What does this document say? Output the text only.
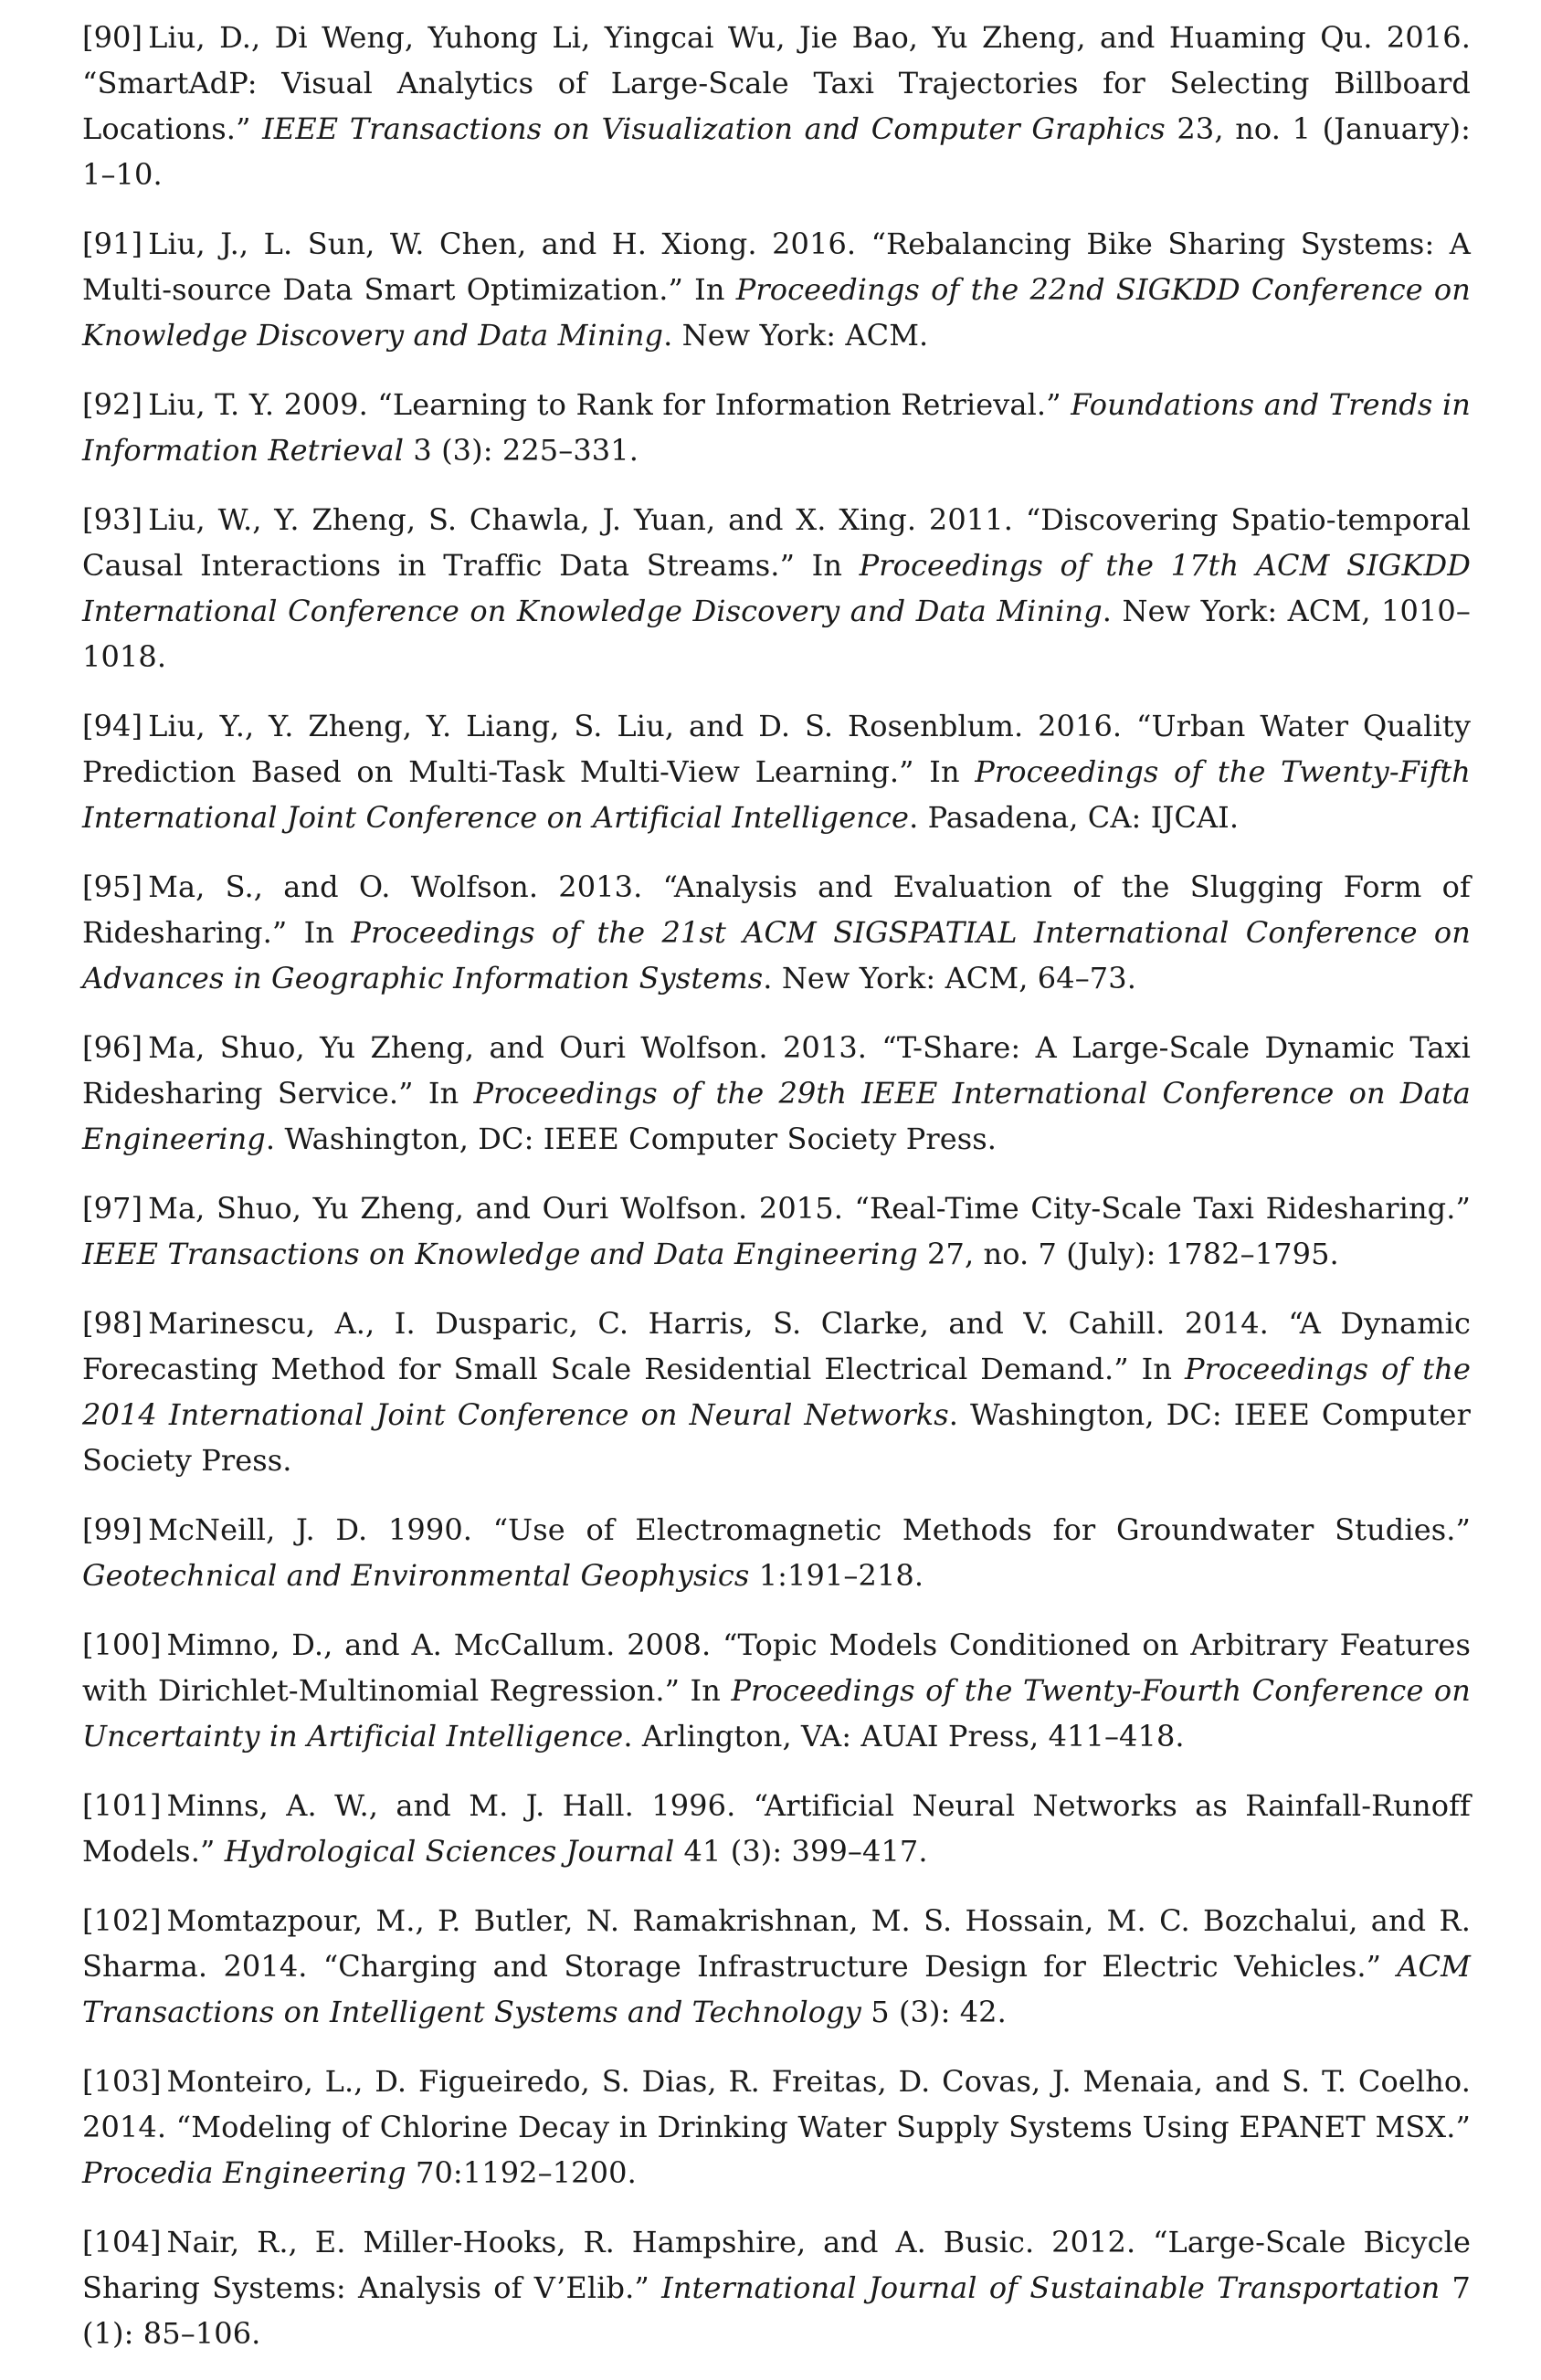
[90] Liu, D., Di Weng, Yuhong Li, Yingcai Wu, Jie Bao, Yu Zheng, and Huaming Qu. 2016. “SmartAdP: Visual Analytics of Large-Scale Taxi Trajectories for Selecting Billboard Locations.” IEEE Transactions on Visualization and Computer Graphics 23, no. 1 (January): 1–10.

[91] Liu, J., L. Sun, W. Chen, and H. Xiong. 2016. “Rebalancing Bike Sharing Systems: A Multi-source Data Smart Optimization.” In Proceedings of the 22nd SIGKDD Conference on Knowledge Discovery and Data Mining. New York: ACM.

[92] Liu, T. Y. 2009. “Learning to Rank for Information Retrieval.” Foundations and Trends in Information Retrieval 3 (3): 225–331.

[93] Liu, W., Y. Zheng, S. Chawla, J. Yuan, and X. Xing. 2011. “Discovering Spatio-temporal Causal Interactions in Traffic Data Streams.” In Proceedings of the 17th ACM SIGKDD International Conference on Knowledge Discovery and Data Mining. New York: ACM, 1010–1018.

[94] Liu, Y., Y. Zheng, Y. Liang, S. Liu, and D. S. Rosenblum. 2016. “Urban Water Quality Prediction Based on Multi-Task Multi-View Learning.” In Proceedings of the Twenty-Fifth International Joint Conference on Artificial Intelligence. Pasadena, CA: IJCAI.

[95] Ma, S., and O. Wolfson. 2013. “Analysis and Evaluation of the Slugging Form of Ridesharing.” In Proceedings of the 21st ACM SIGSPATIAL International Conference on Advances in Geographic Information Systems. New York: ACM, 64–73.

[96] Ma, Shuo, Yu Zheng, and Ouri Wolfson. 2013. “T-Share: A Large-Scale Dynamic Taxi Ridesharing Service.” In Proceedings of the 29th IEEE International Conference on Data Engineering. Washington, DC: IEEE Computer Society Press.

[97] Ma, Shuo, Yu Zheng, and Ouri Wolfson. 2015. “Real-Time City-Scale Taxi Ridesharing.” IEEE Transactions on Knowledge and Data Engineering 27, no. 7 (July): 1782–1795.

[98] Marinescu, A., I. Dusparic, C. Harris, S. Clarke, and V. Cahill. 2014. “A Dynamic Forecasting Method for Small Scale Residential Electrical Demand.” In Proceedings of the 2014 International Joint Conference on Neural Networks. Washington, DC: IEEE Computer Society Press.

[99] McNeill, J. D. 1990. “Use of Electromagnetic Methods for Groundwater Studies.” Geotechnical and Environmental Geophysics 1:191–218.

[100] Mimno, D., and A. McCallum. 2008. “Topic Models Conditioned on Arbitrary Features with Dirichlet-Multinomial Regression.” In Proceedings of the Twenty-Fourth Conference on Uncertainty in Artificial Intelligence. Arlington, VA: AUAI Press, 411–418.

[101] Minns, A. W., and M. J. Hall. 1996. “Artificial Neural Networks as Rainfall-Runoff Models.” Hydrological Sciences Journal 41 (3): 399–417.

[102] Momtazpour, M., P. Butler, N. Ramakrishnan, M. S. Hossain, M. C. Bozchalui, and R. Sharma. 2014. “Charging and Storage Infrastructure Design for Electric Vehicles.” ACM Transactions on Intelligent Systems and Technology 5 (3): 42.

[103] Monteiro, L., D. Figueiredo, S. Dias, R. Freitas, D. Covas, J. Menaia, and S. T. Coelho. 2014. “Modeling of Chlorine Decay in Drinking Water Supply Systems Using EPANET MSX.” Procedia Engineering 70:1192–1200.

[104] Nair, R., E. Miller-Hooks, R. Hampshire, and A. Busic. 2012. “Large-Scale Bicycle Sharing Systems: Analysis of V’Elib.” International Journal of Sustainable Transportation 7 (1): 85–106.
